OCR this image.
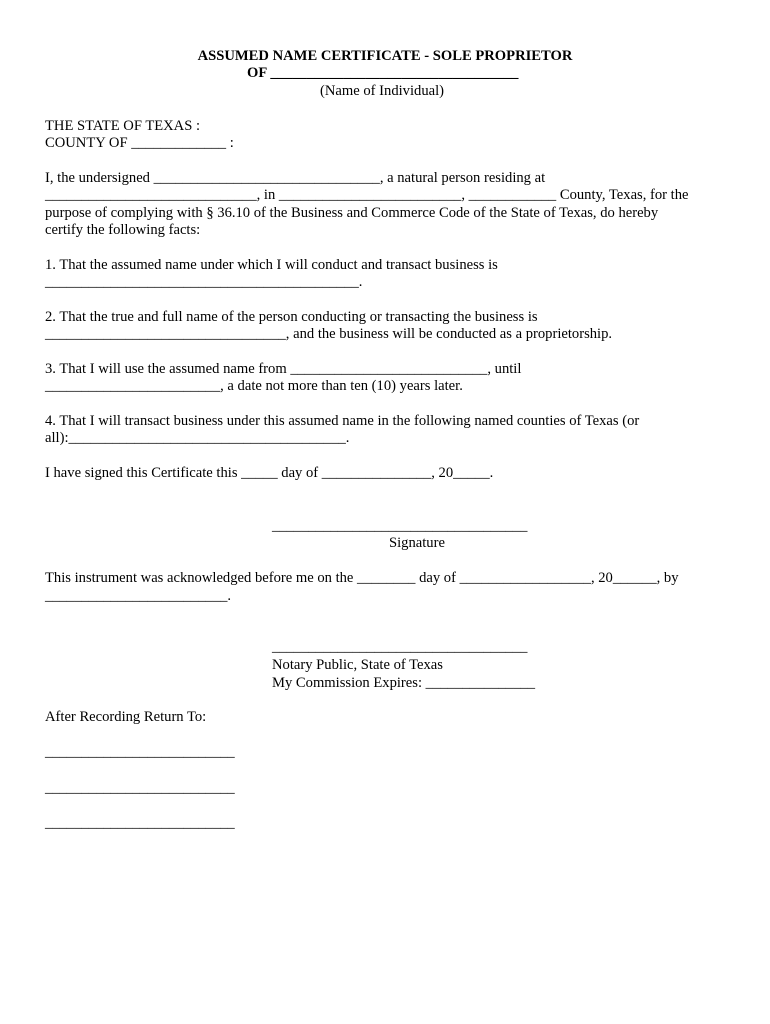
ASSUMED NAME CERTIFICATE - SOLE PROPRIETOR
OF __________________________________
(Name of Individual)
THE STATE OF TEXAS :
COUNTY OF _____________ :
I, the undersigned _______________________________, a natural person residing at
_____________________________, in _________________________, ____________ County, Texas, for the
purpose of complying with § 36.10 of the Business and Commerce Code of the State of Texas, do hereby
certify the following facts:
1. That the assumed name under which I will conduct and transact business is
___________________________________________.
2. That the true and full name of the person conducting or transacting the business is
_________________________________, and the business will be conducted as a proprietorship.
3. That I will use the assumed name from ___________________________, until
________________________, a date not more than ten (10) years later.
4. That I will transact business under this assumed name in the following named counties of Texas (or
all):______________________________________.
I have signed this Certificate this _____ day of _______________, 20_____.
___________________________________
Signature
This instrument was acknowledged before me on the ________ day of __________________, 20______, by
_________________________.
___________________________________
Notary Public, State of Texas
My Commission Expires: _______________
After Recording Return To:
__________________________
__________________________
__________________________
